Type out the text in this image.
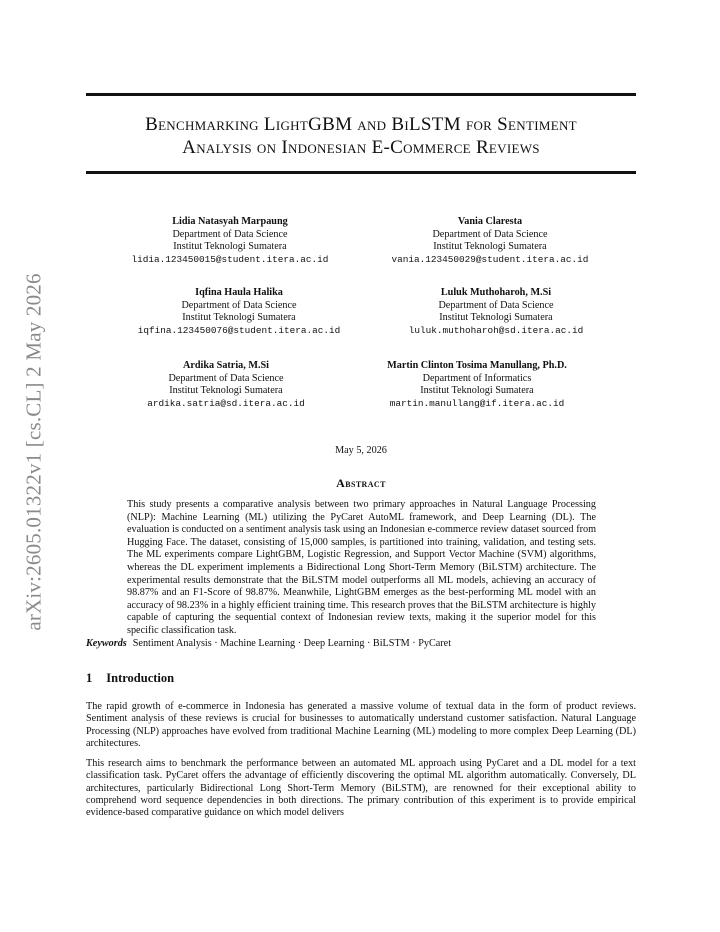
arXiv:2605.01322v1 [cs.CL] 2 May 2026
Benchmarking LightGBM and BiLSTM for Sentiment
Analysis on Indonesian E-Commerce Reviews
Lidia Natasyah Marpaung
Department of Data Science
Institut Teknologi Sumatera
lidia.123450015@student.itera.ac.id
Vania Claresta
Department of Data Science
Institut Teknologi Sumatera
vania.123450029@student.itera.ac.id
Iqfina Haula Halika
Department of Data Science
Institut Teknologi Sumatera
iqfina.123450076@student.itera.ac.id
Luluk Muthoharoh, M.Si
Department of Data Science
Institut Teknologi Sumatera
luluk.muthoharoh@sd.itera.ac.id
Ardika Satria, M.Si
Department of Data Science
Institut Teknologi Sumatera
ardika.satria@sd.itera.ac.id
Martin Clinton Tosima Manullang, Ph.D.
Department of Informatics
Institut Teknologi Sumatera
martin.manullang@if.itera.ac.id
May 5, 2026
Abstract
This study presents a comparative analysis between two primary approaches in Natural Language Processing (NLP): Machine Learning (ML) utilizing the PyCaret AutoML framework, and Deep Learning (DL). The evaluation is conducted on a sentiment analysis task using an Indonesian e-commerce review dataset sourced from Hugging Face. The dataset, consisting of 15,000 samples, is partitioned into training, validation, and testing sets. The ML experiments compare LightGBM, Logistic Regression, and Support Vector Machine (SVM) algorithms, whereas the DL experiment implements a Bidirectional Long Short-Term Memory (BiLSTM) architecture. The experimental results demonstrate that the BiLSTM model outperforms all ML models, achieving an accuracy of 98.87% and an F1-Score of 98.87%. Meanwhile, LightGBM emerges as the best-performing ML model with an accuracy of 98.23% in a highly efficient training time. This research proves that the BiLSTM architecture is highly capable of capturing the sequential context of Indonesian review texts, making it the superior model for this specific classification task.
Keywords Sentiment Analysis · Machine Learning · Deep Learning · BiLSTM · PyCaret
1 Introduction
The rapid growth of e-commerce in Indonesia has generated a massive volume of textual data in the form of product reviews. Sentiment analysis of these reviews is crucial for businesses to automatically understand customer satisfaction. Natural Language Processing (NLP) approaches have evolved from traditional Machine Learning (ML) modeling to more complex Deep Learning (DL) architectures.
This research aims to benchmark the performance between an automated ML approach using PyCaret and a DL model for a text classification task. PyCaret offers the advantage of efficiently discovering the optimal ML algorithm automatically. Conversely, DL architectures, particularly Bidirectional Long Short-Term Memory (BiLSTM), are renowned for their exceptional ability to comprehend word sequence dependencies in both directions. The primary contribution of this experiment is to provide empirical evidence-based comparative guidance on which model delivers
